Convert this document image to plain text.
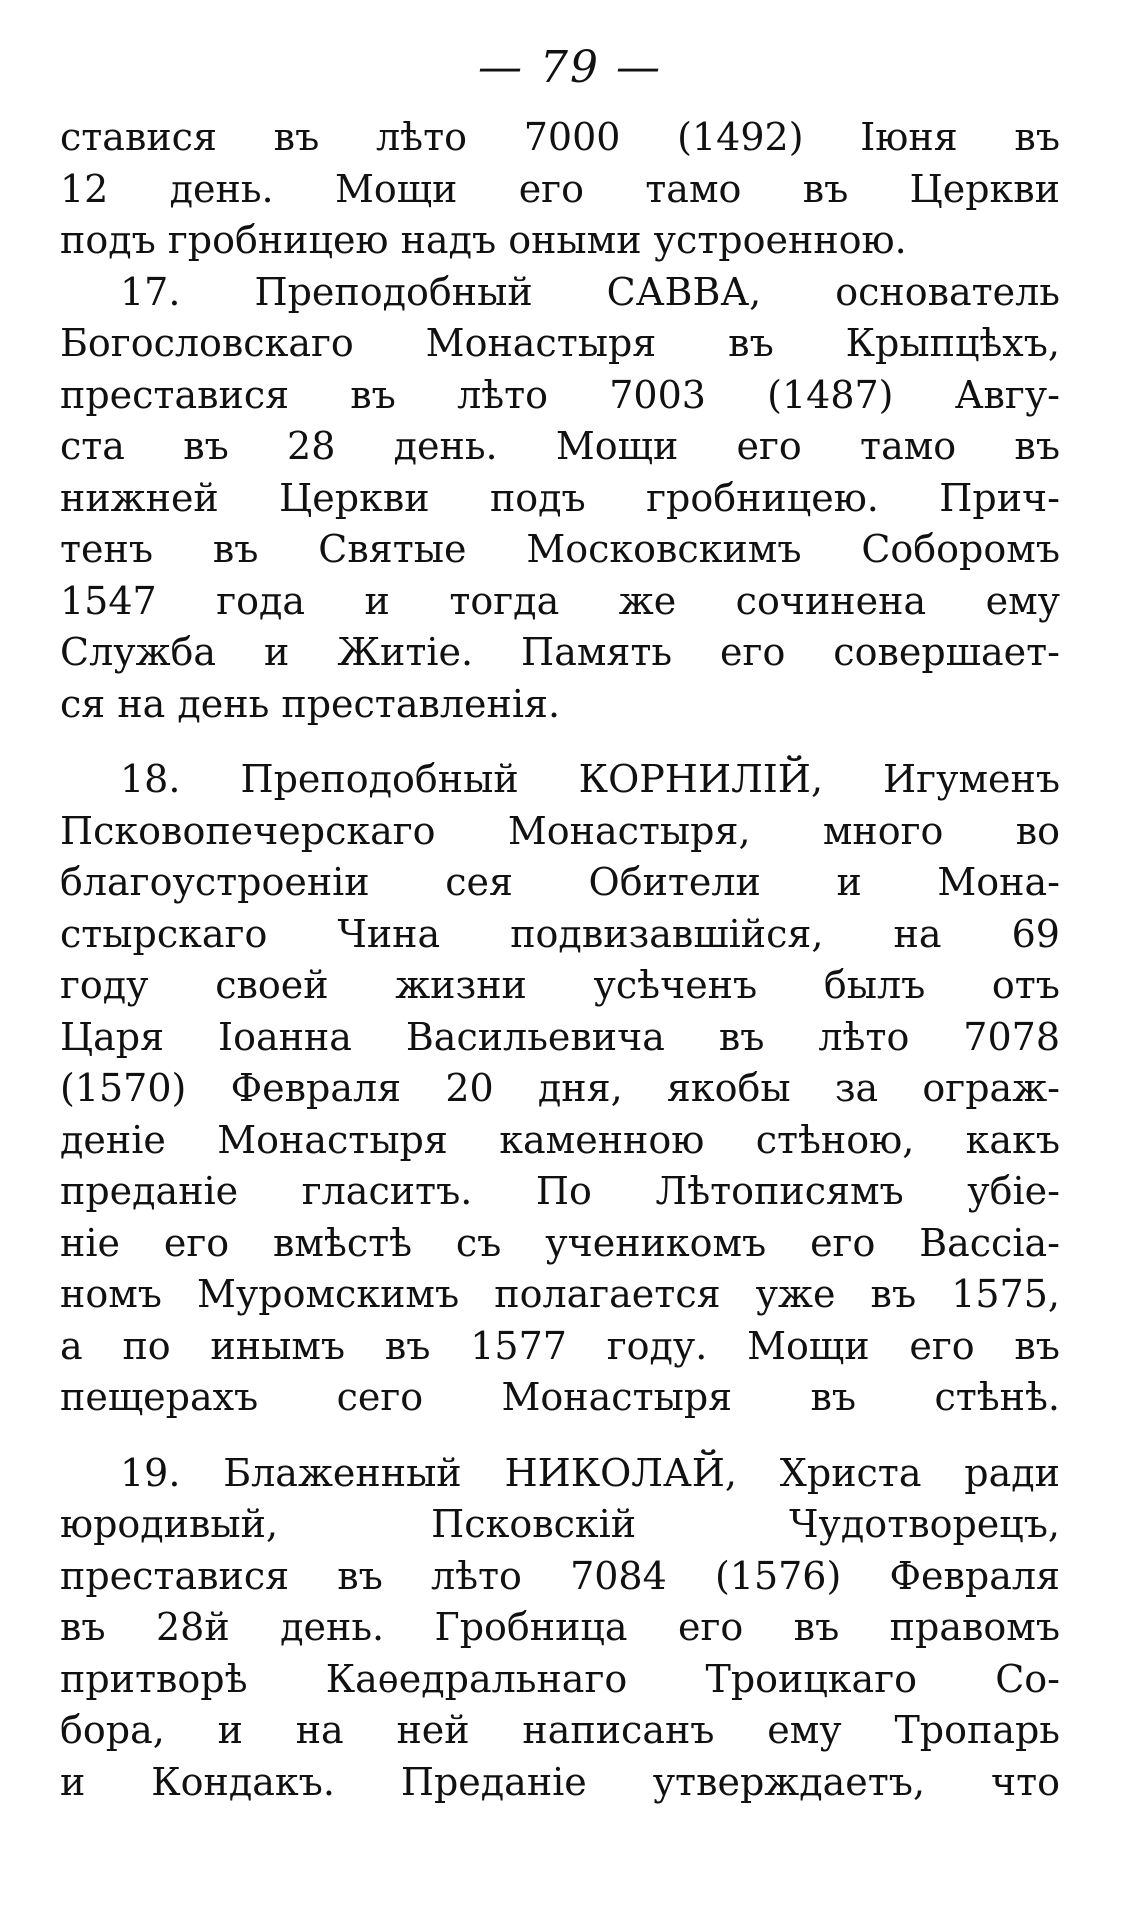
— 79 —
ставися въ лѣто 7000 (1492) Іюня въ
12 день. Мощи его тамо въ Церкви
подъ гробницею надъ оными устроенною.
17. Преподобный САВВА, основатель
Богословскаго Монастыря въ Крыпцѣхъ,
преставися въ лѣто 7003 (1487) Авгу-
ста въ 28 день. Мощи его тамо въ
нижней Церкви подъ гробницею. Прич-
тенъ въ Святые Московскимъ Соборомъ
1547 года и тогда же сочинена ему
Служба и Житіе. Память его совершает-
ся на день преставленія.
18. Преподобный КОРНИЛІЙ, Игуменъ
Псковопечерскаго Монастыря, много во
благоустроеніи сея Обители и Мона-
стырскаго Чина подвизавшійся, на 69
году своей жизни усѣченъ былъ отъ
Царя Іоанна Васильевича въ лѣто 7078
(1570) Февраля 20 дня, якобы за ограж-
деніе Монастыря каменною стѣною, какъ
преданіе гласитъ. По Лѣтописямъ убіе-
ніе его вмѣстѣ съ ученикомъ его Вассіа-
номъ Муромскимъ полагается уже въ 1575,
а по инымъ въ 1577 году. Мощи его въ
пещерахъ сего Монастыря въ стѣнѣ.
19. Блаженный НИКОЛАЙ, Христа ради
юродивый, Псковскій Чудотворецъ,
преставися въ лѣто 7084 (1576) Февраля
въ 28й день. Гробница его въ правомъ
притворѣ Каѳедральнаго Троицкаго Со-
бора, и на ней написанъ ему Тропарь
и Кондакъ. Преданіе утверждаетъ, что
